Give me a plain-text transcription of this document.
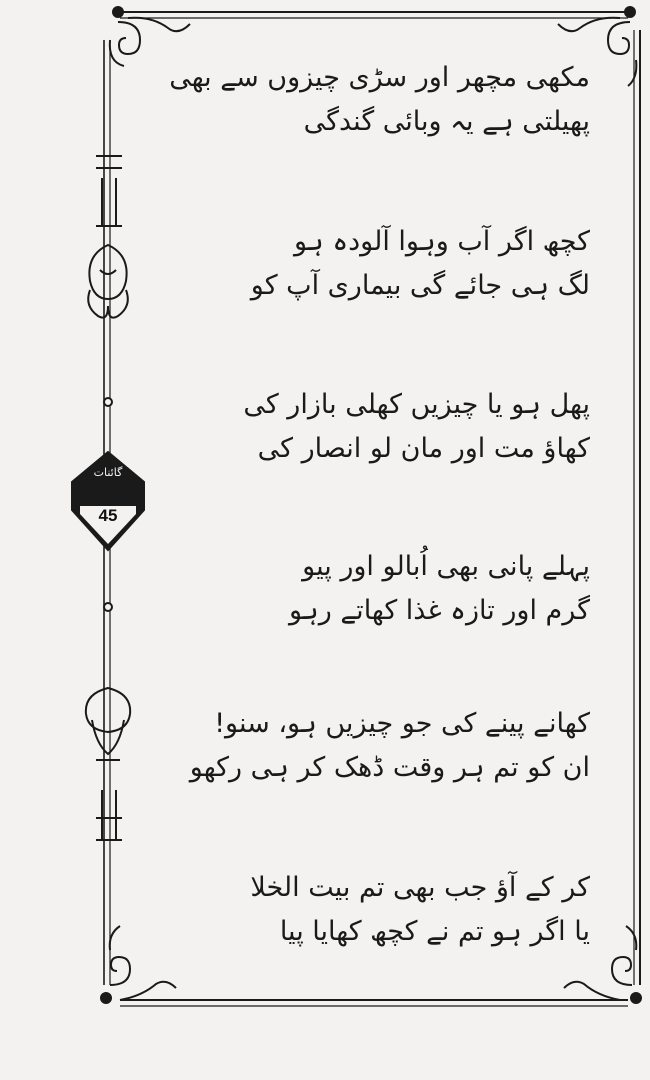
گائنات
45
مکھی مچھر اور سڑی چیزوں سے بھی
پھیلتی ہے یہ وبائی گندگی
کچھ اگر آب وہوا آلودہ ہو
لگ ہی جائے گی بیماری آپ کو
پھل ہو یا چیزیں کھلی بازار کی
کھاؤ مت اور مان لو انصار کی
پہلے پانی بھی اُبالو اور پیو
گرم اور تازہ غذا کھاتے رہو
کھانے پینے کی جو چیزیں ہو، سنو!
ان کو تم ہر وقت ڈھک کر ہی رکھو
کر کے آؤ جب بھی تم بیت الخلا
یا اگر ہو تم نے کچھ کھایا پیا
